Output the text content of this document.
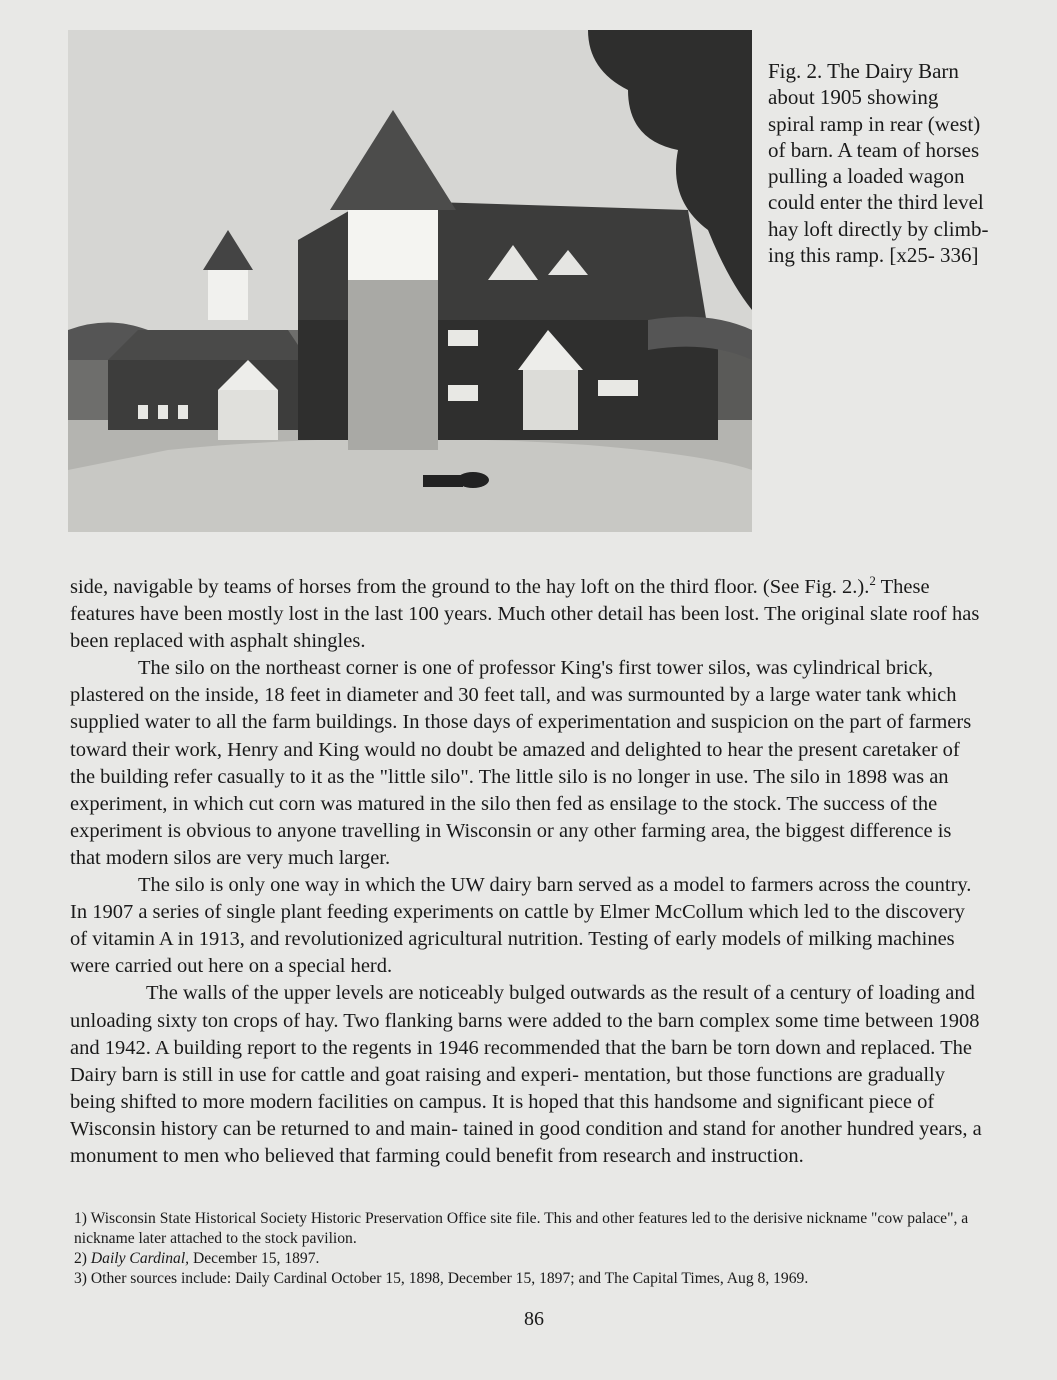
Fig. 2. The Dairy Barn about 1905 showing spiral ramp in rear (west) of barn. A team of horses pulling a loaded wagon could enter the third level hay loft directly by climb- ing this ramp. [x25- 336]

side, navigable by teams of horses from the ground to the hay loft on the third floor. (See Fig. 2.).$^2$ These features have been mostly lost in the last 100 years. Much other detail has been lost. The original slate roof has been replaced with asphalt shingles.

The silo on the northeast corner is one of professor King's first tower silos, was cylindrical brick, plastered on the inside, 18 feet in diameter and 30 feet tall, and was surmounted by a large water tank which supplied water to all the farm buildings. In those days of experimentation and suspicion on the part of farmers toward their work, Henry and King would no doubt be amazed and delighted to hear the present caretaker of the building refer casually to it as the "little silo". The little silo is no longer in use. The silo in 1898 was an experiment, in which cut corn was matured in the silo then fed as ensilage to the stock. The success of the experiment is obvious to anyone travelling in Wisconsin or any other farming area, the biggest difference is that modern silos are very much larger.

The silo is only one way in which the UW dairy barn served as a model to farmers across the country. In 1907 a series of single plant feeding experiments on cattle by Elmer McCollum which led to the discovery of vitamin A in 1913, and revolutionized agricultural nutrition. Testing of early models of milking machines were carried out here on a special herd.

The walls of the upper levels are noticeably bulged outwards as the result of a century of loading and unloading sixty ton crops of hay. Two flanking barns were added to the barn complex some time between 1908 and 1942. A building report to the regents in 1946 recommended that the barn be torn down and replaced. The Dairy barn is still in use for cattle and goat raising and experi- mentation, but those functions are gradually being shifted to more modern facilities on campus. It is hoped that this handsome and significant piece of Wisconsin history can be returned to and main- tained in good condition and stand for another hundred years, a monument to men who believed that farming could benefit from research and instruction.

1) Wisconsin State Historical Society Historic Preservation Office site file. This and other features led to the derisive nickname "cow palace", a nickname later attached to the stock pavilion.

2) Daily Cardinal, December 15, 1897.

3) Other sources include: Daily Cardinal October 15, 1898, December 15, 1897; and The Capital Times, Aug 8, 1969.

86
